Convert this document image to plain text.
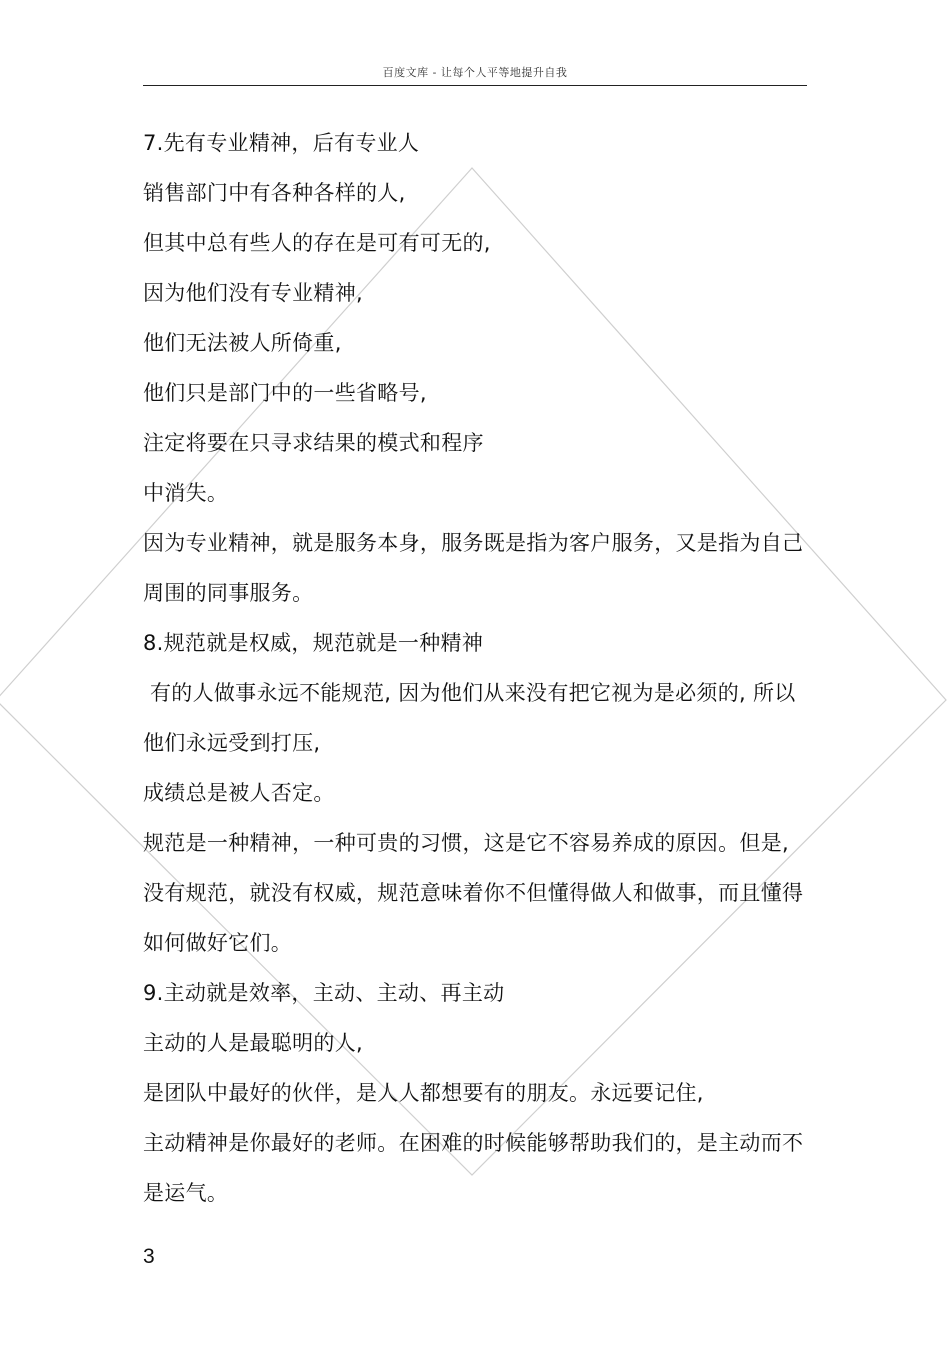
百度文库 - 让每个人平等地提升自我
7.先有专业精神，后有专业人
销售部门中有各种各样的人,
但其中总有些人的存在是可有可无的,
因为他们没有专业精神,
他们无法被人所倚重,
他们只是部门中的一些省略号,
注定将要在只寻求结果的模式和程序
中消失。
因为专业精神，就是服务本身，服务既是指为客户服务，又是指为自己
周围的同事服务。
8.规范就是权威，规范就是一种精神
有的人做事永远不能规范, 因为他们从来没有把它视为是必须的, 所以
他们永远受到打压,
成绩总是被人否定。
规范是一种精神，一种可贵的习惯，这是它不容易养成的原因。但是,
没有规范，就没有权威，规范意味着你不但懂得做人和做事，而且懂得
如何做好它们。
9.主动就是效率，主动、主动、再主动
主动的人是最聪明的人,
是团队中最好的伙伴，是人人都想要有的朋友。永远要记住,
主动精神是你最好的老师。在困难的时候能够帮助我们的，是主动而不
是运气。
3
